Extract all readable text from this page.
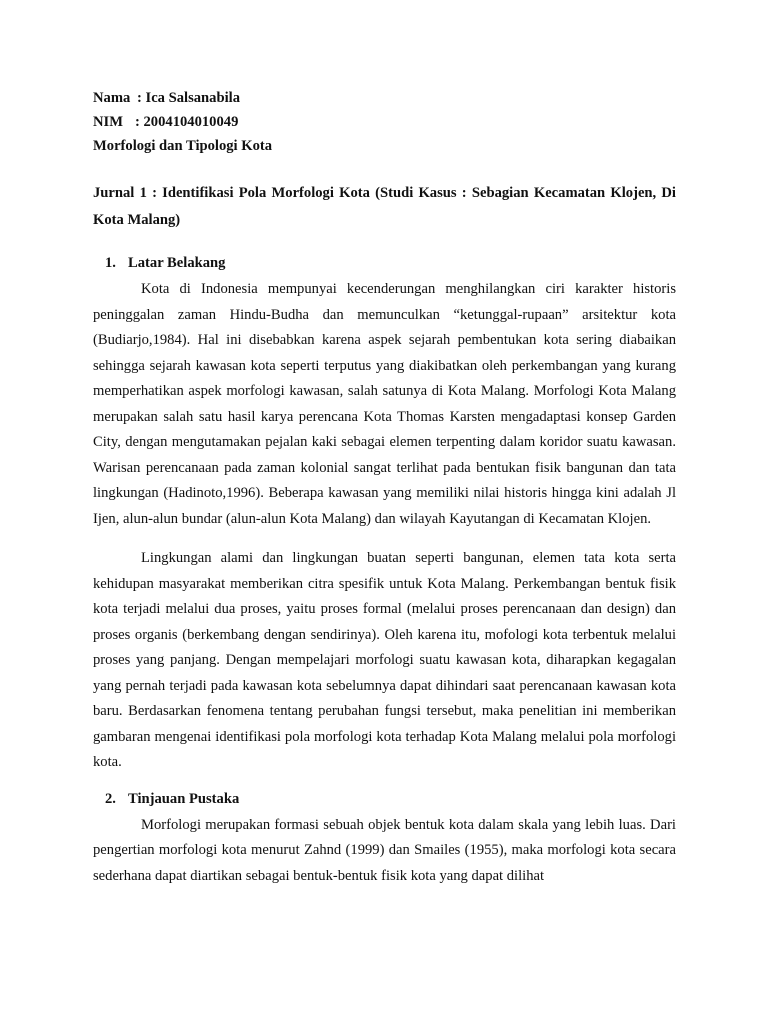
Nama : Ica Salsanabila
NIM : 2004104010049
Morfologi dan Tipologi Kota
Jurnal 1 : Identifikasi Pola Morfologi Kota (Studi Kasus : Sebagian Kecamatan Klojen, Di Kota Malang)
1. Latar Belakang

Kota di Indonesia mempunyai kecenderungan menghilangkan ciri karakter historis peninggalan zaman Hindu-Budha dan memunculkan “ketunggal-rupaan” arsitektur kota (Budiarjo,1984). Hal ini disebabkan karena aspek sejarah pembentukan kota sering diabaikan sehingga sejarah kawasan kota seperti terputus yang diakibatkan oleh perkembangan yang kurang memperhatikan aspek morfologi kawasan, salah satunya di Kota Malang. Morfologi Kota Malang merupakan salah satu hasil karya perencana Kota Thomas Karsten mengadaptasi konsep Garden City, dengan mengutamakan pejalan kaki sebagai elemen terpenting dalam koridor suatu kawasan. Warisan perencanaan pada zaman kolonial sangat terlihat pada bentukan fisik bangunan dan tata lingkungan (Hadinoto,1996). Beberapa kawasan yang memiliki nilai historis hingga kini adalah Jl Ijen, alun-alun bundar (alun-alun Kota Malang) dan wilayah Kayutangan di Kecamatan Klojen.

Lingkungan alami dan lingkungan buatan seperti bangunan, elemen tata kota serta kehidupan masyarakat memberikan citra spesifik untuk Kota Malang. Perkembangan bentuk fisik kota terjadi melalui dua proses, yaitu proses formal (melalui proses perencanaan dan design) dan proses organis (berkembang dengan sendirinya). Oleh karena itu, mofologi kota terbentuk melalui proses yang panjang. Dengan mempelajari morfologi suatu kawasan kota, diharapkan kegagalan yang pernah terjadi pada kawasan kota sebelumnya dapat dihindari saat perencanaan kawasan kota baru. Berdasarkan fenomena tentang perubahan fungsi tersebut, maka penelitian ini memberikan gambaran mengenai identifikasi pola morfologi kota terhadap Kota Malang melalui pola morfologi kota.

2. Tinjauan Pustaka

Morfologi merupakan formasi sebuah objek bentuk kota dalam skala yang lebih luas. Dari pengertian morfologi kota menurut Zahnd (1999) dan Smailes (1955), maka morfologi kota secara sederhana dapat diartikan sebagai bentuk-bentuk fisik kota yang dapat dilihat
